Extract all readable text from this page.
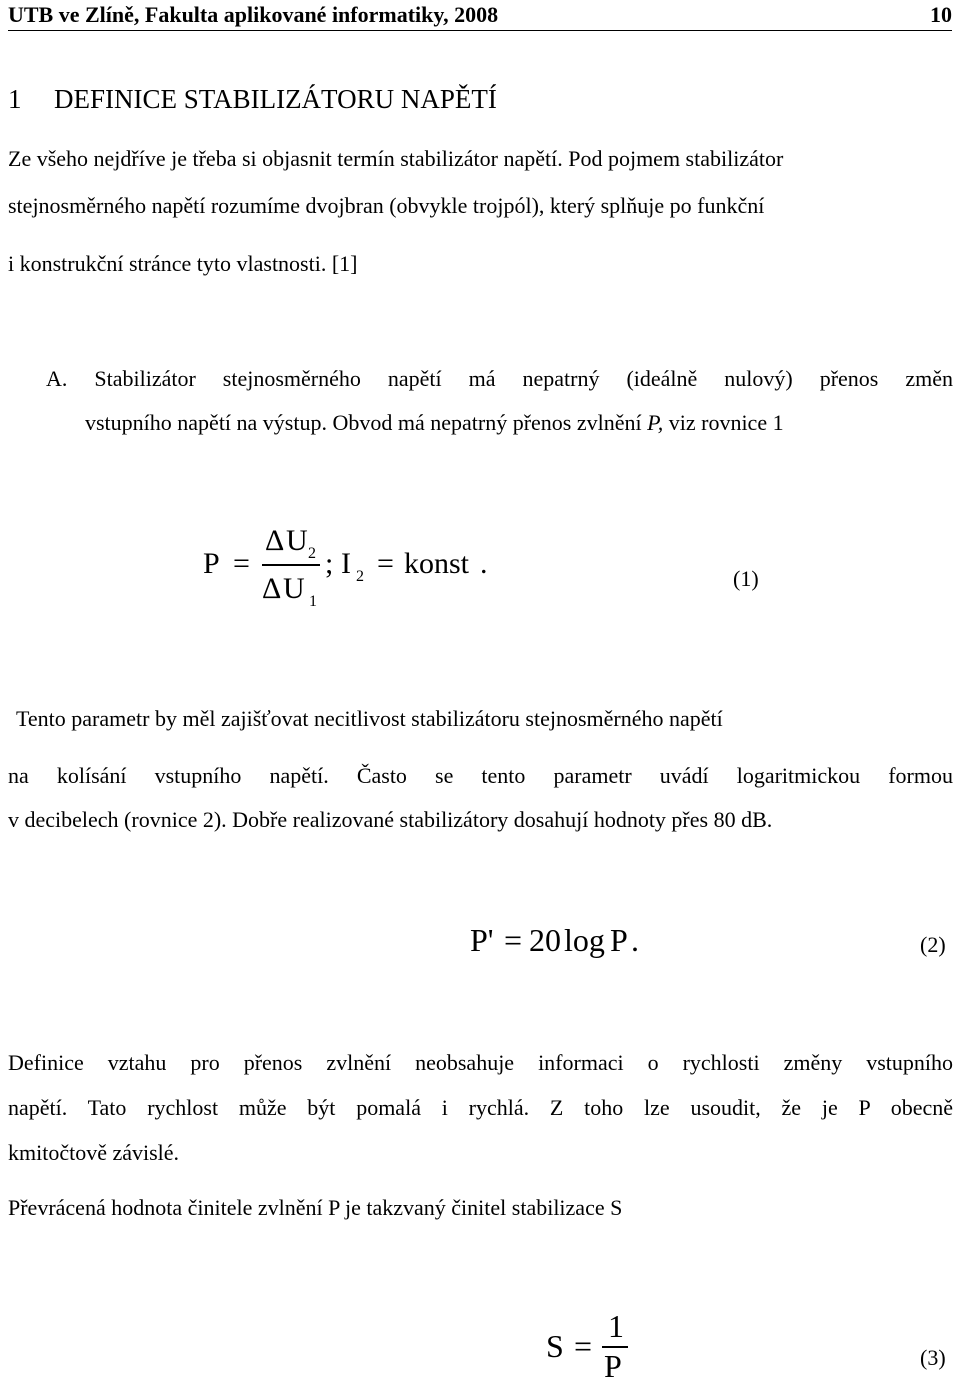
UTB ve Zlíně, Fakulta aplikované informatiky, 2008	10
1 DEFINICE STABILIZÁTORU NAPĚTÍ
Ze všeho nejdříve je třeba si objasnit termín stabilizátor napětí. Pod pojmem stabilizátor
stejnosměrného napětí rozumíme dvojbran (obvykle trojpól), který splňuje po funkční
i konstrukční stránce tyto vlastnosti. [1]
A. Stabilizátor stejnosměrného napětí má nepatrný (ideálně nulový) přenos změn
vstupního napětí na výstup. Obvod má nepatrný přenos zvlnění P, viz rovnice 1
P =
Δ U 2
Δ U 1
; I 2 = konst .	(1)
Tento parametr by měl zajišťovat necitlivost stabilizátoru stejnosměrného napětí
na kolísání vstupního napětí. Často se tento parametr uvádí logaritmickou formou
v decibelech (rovnice 2). Dobře realizované stabilizátory dosahují hodnoty přes 80 dB.
P' = 20 log P .	(2)
Definice vztahu pro přenos zvlnění neobsahuje informaci o rychlosti změny vstupního
napětí. Tato rychlost může být pomalá i rychlá. Z toho lze usoudit, že je P obecně
kmitočtově závislé.
Převrácená hodnota činitele zvlnění P je takzvaný činitel stabilizace S
S =
1
P	(3)
